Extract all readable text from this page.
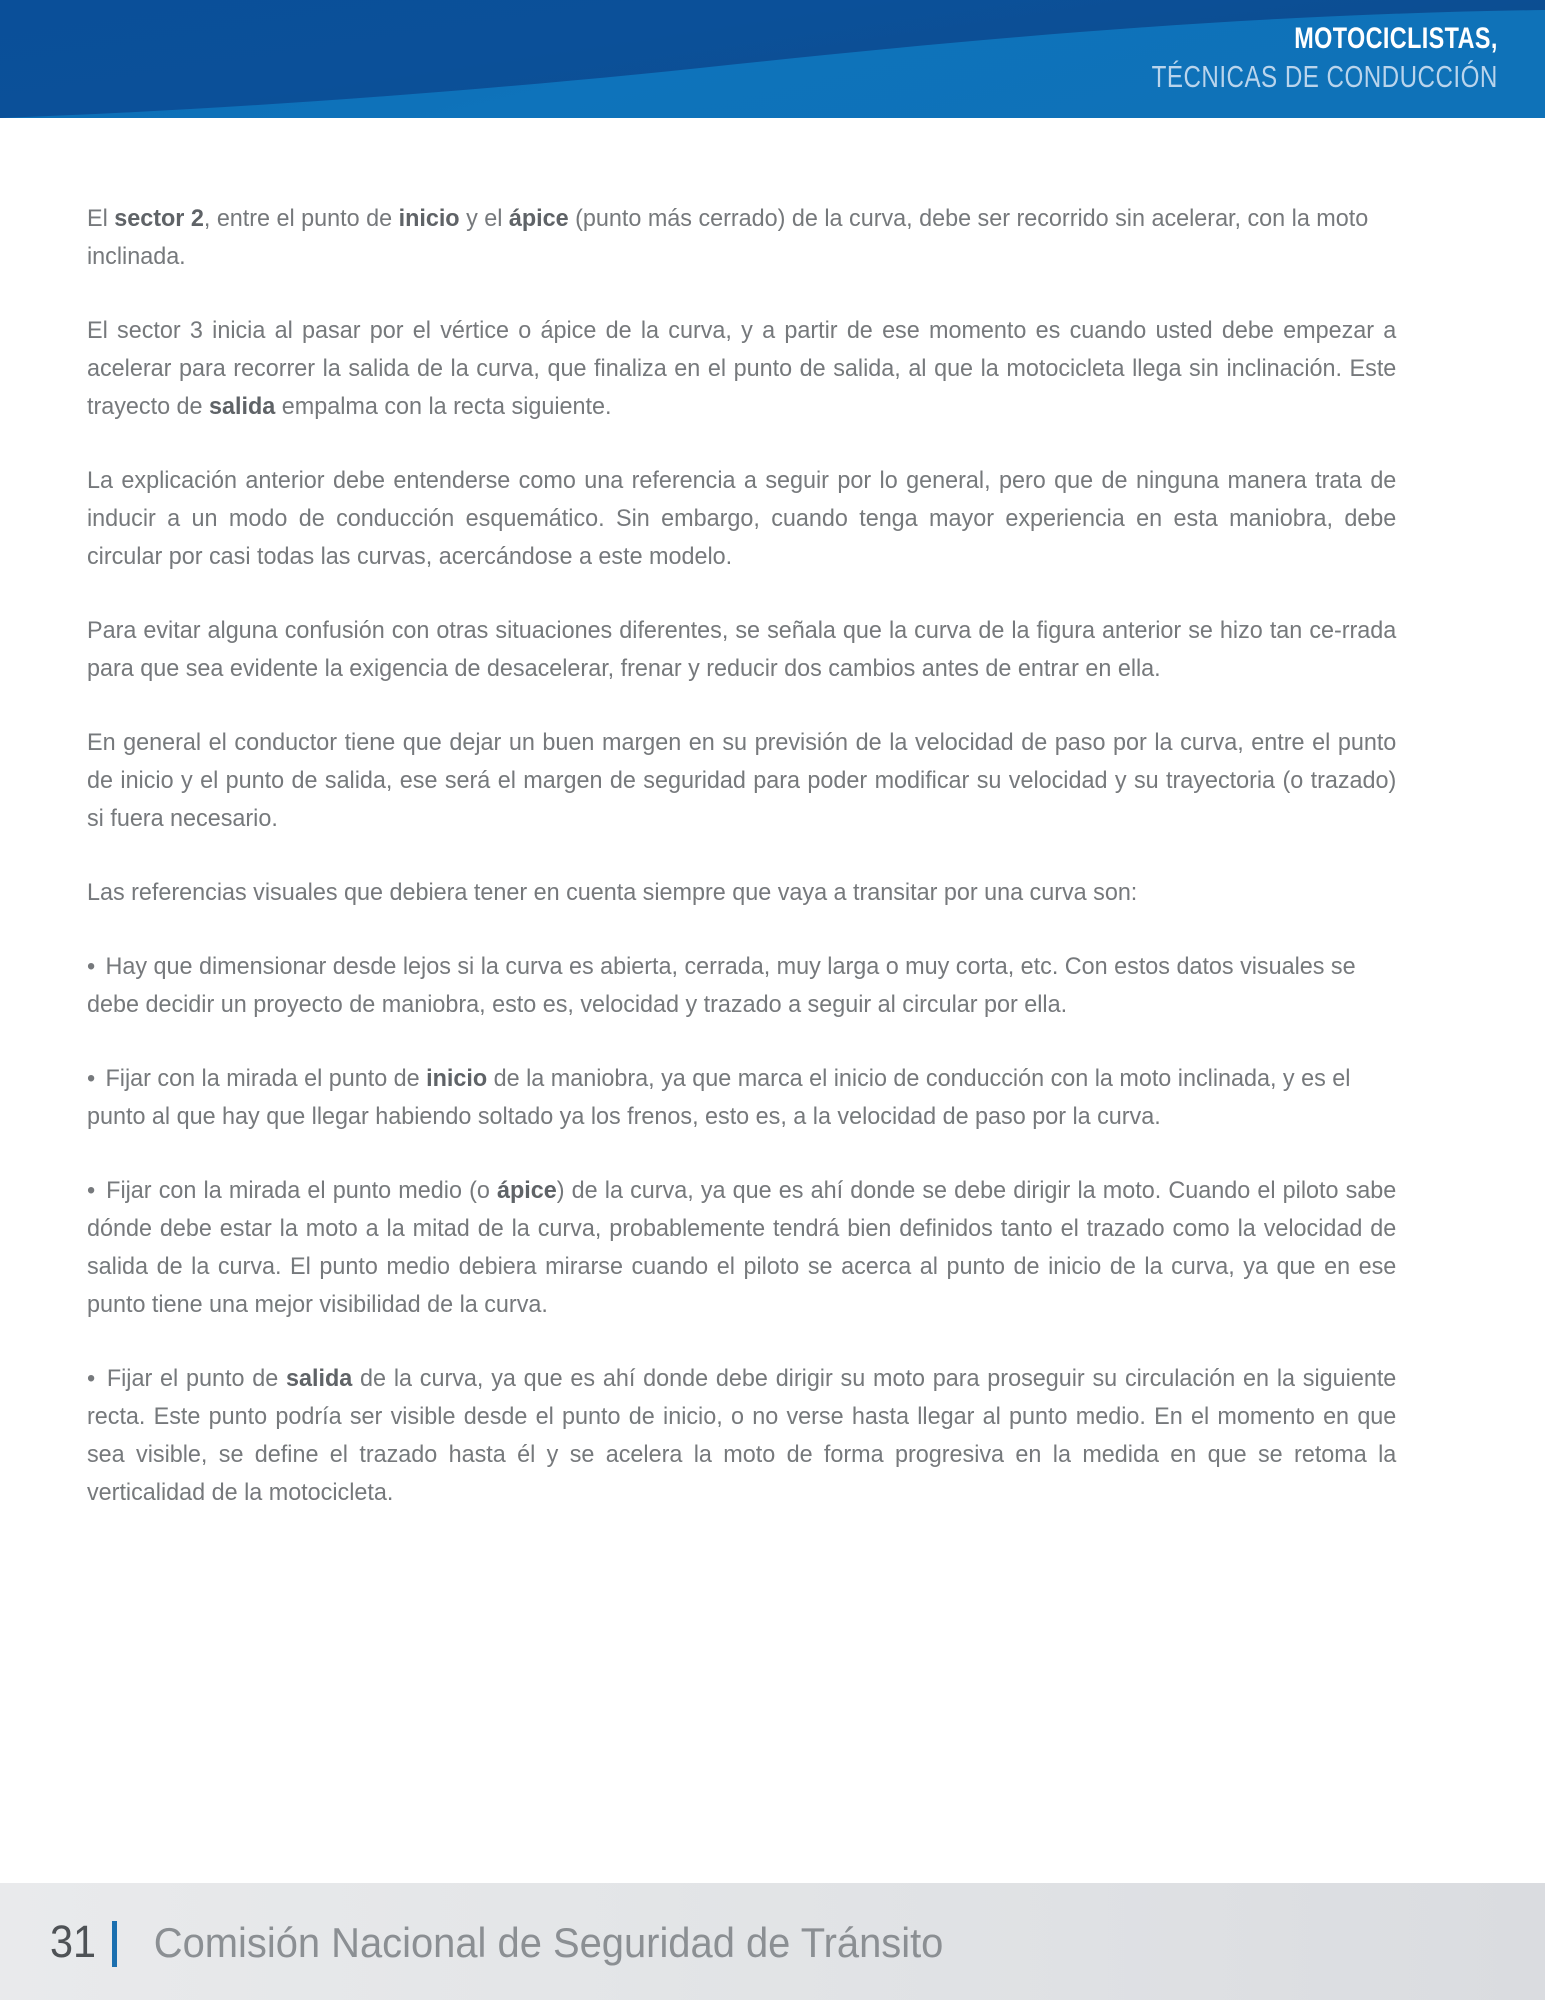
MOTOCICLISTAS,
TÉCNICAS DE CONDUCCIÓN
El sector 2, entre el punto de inicio y el ápice (punto más cerrado) de la curva, debe ser recorrido sin acelerar, con la moto inclinada.
El sector 3 inicia al pasar por el vértice o ápice de la curva, y a partir de ese momento es cuando usted debe empezar a acelerar para recorrer la salida de la curva, que finaliza en el punto de salida, al que la motocicleta llega sin inclinación. Este trayecto de salida empalma con la recta siguiente.
La explicación anterior debe entenderse como una referencia a seguir por lo general, pero que de ninguna manera trata de inducir a un modo de conducción esquemático. Sin embargo, cuando tenga mayor experiencia en esta maniobra, debe circular por casi todas las curvas, acercándose a este modelo.
Para evitar alguna confusión con otras situaciones diferentes, se señala que la curva de la figura anterior se hizo tan ce-rrada para que sea evidente la exigencia de desacelerar, frenar y reducir dos cambios antes de entrar en ella.
En general el conductor tiene que dejar un buen margen en su previsión de la velocidad de paso por la curva, entre el punto de inicio y el punto de salida, ese será el margen de seguridad para poder modificar su velocidad y su trayectoria (o trazado) si fuera necesario.
Las referencias visuales que debiera tener en cuenta siempre que vaya a transitar por una curva son:
• Hay que dimensionar desde lejos si la curva es abierta, cerrada, muy larga o muy corta, etc. Con estos datos visuales se debe decidir un proyecto de maniobra, esto es, velocidad y trazado a seguir al circular por ella.
• Fijar con la mirada el punto de inicio de la maniobra, ya que marca el inicio de conducción con la moto inclinada, y es el punto al que hay que llegar habiendo soltado ya los frenos, esto es, a la velocidad de paso por la curva.
• Fijar con la mirada el punto medio (o ápice) de la curva, ya que es ahí donde se debe dirigir la moto. Cuando el piloto sabe dónde debe estar la moto a la mitad de la curva, probablemente tendrá bien definidos tanto el trazado como la velocidad de salida de la curva. El punto medio debiera mirarse cuando el piloto se acerca al punto de inicio de la curva, ya que en ese punto tiene una mejor visibilidad de la curva.
• Fijar el punto de salida de la curva, ya que es ahí donde debe dirigir su moto para proseguir su circulación en la siguiente recta. Este punto podría ser visible desde el punto de inicio, o no verse hasta llegar al punto medio. En el momento en que sea visible, se define el trazado hasta él y se acelera la moto de forma progresiva en la medida en que se retoma la verticalidad de la motocicleta.
31 Comisión Nacional de Seguridad de Tránsito
